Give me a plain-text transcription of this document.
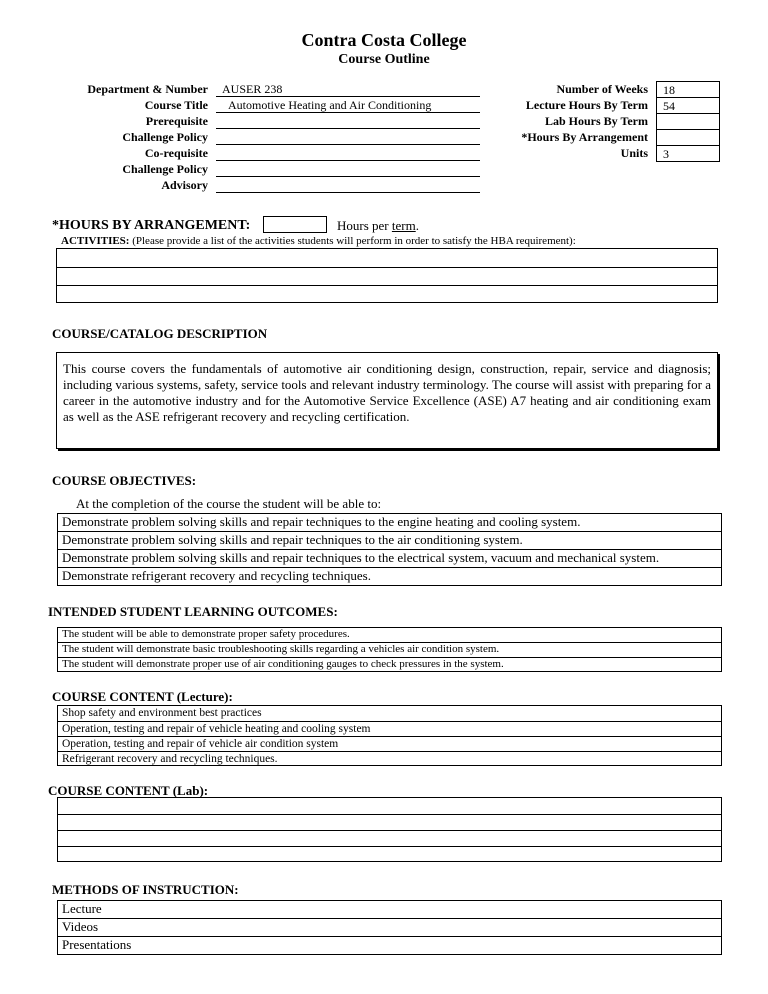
Contra Costa College
Course Outline
Department & Number
Course Title
Prerequisite
Challenge Policy
Co-requisite
Challenge Policy
Advisory
AUSER 238
Automotive Heating and Air Conditioning
Number of Weeks
Lecture Hours By Term
Lab Hours By Term
*Hours By Arrangement
Units
18
54
3
*HOURS BY ARRANGEMENT:	Hours per term.
ACTIVITIES: (Please provide a list of the activities students will perform in order to satisfy the HBA requirement):
COURSE/CATALOG DESCRIPTION
This course covers the fundamentals of automotive air conditioning design, construction, repair, service and diagnosis; including various systems, safety, service tools and relevant industry terminology. The course will assist with preparing for a career in the automotive industry and for the Automotive Service Excellence (ASE) A7 heating and air conditioning exam as well as the ASE refrigerant recovery and recycling certification.
COURSE OBJECTIVES:
At the completion of the course the student will be able to:
Demonstrate problem solving skills and repair techniques to the engine heating and cooling system.
Demonstrate problem solving skills and repair techniques to the air conditioning system.
Demonstrate problem solving skills and repair techniques to the electrical system, vacuum and mechanical system.
Demonstrate refrigerant recovery and recycling techniques.
INTENDED STUDENT LEARNING OUTCOMES:
The student will be able to demonstrate proper safety procedures.
The student will demonstrate basic troubleshooting skills regarding a vehicles air condition system.
The student will demonstrate proper use of air conditioning gauges to check pressures in the system.
COURSE CONTENT (Lecture):
Shop safety and environment best practices
Operation, testing and repair of vehicle heating and cooling system
Operation, testing and repair of vehicle air condition system
Refrigerant recovery and recycling techniques.
COURSE CONTENT (Lab):
METHODS OF INSTRUCTION:
Lecture
Videos
Presentations
